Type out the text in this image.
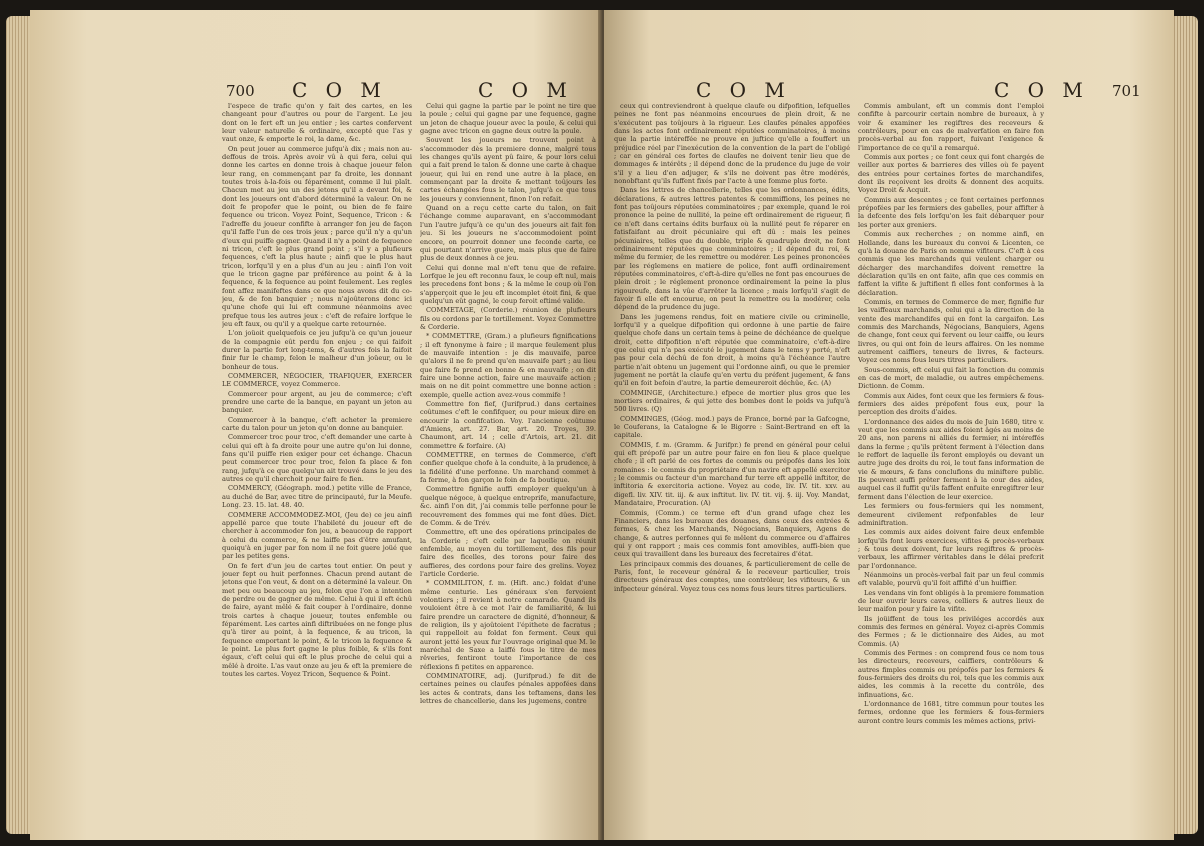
700 C O M	C O M

l'espece de trafic qu'on y fait des cartes, en les changeant pour d'autres ou pour de l'argent. Le jeu dont on le fert eft un jeu entier ; les cartes confervent leur valeur naturelle & ordinaire, excepté que l'as y vaut onze, & emporte le roi, la dame, &c.

On peut jouer au commerce jufqu'à dix ; mais non au-deffous de trois. Après avoir vû à qui fera, celui qui donne les cartes en donne trois à chaque joueur felon leur rang, en commençant par fa droite, les donnant toutes trois à-la-fois ou féparément, comme il lui plaît. Chacun met au jeu un des jetons qu'il a devant foi, & dont les joueurs ont d'abord déterminé la valeur. On ne doit fe propofer que le point, ou bien de fe faire fequence ou tricon. Voyez Point, Sequence, Tricon : & l'adreffe du joueur confifte à arranger fon jeu de façon qu'il faffe l'un de ces trois jeux ; parce qu'il n'y a qu'un d'eux qui puiffe gagner. Quand il n'y a point de fequence ni tricon, c'eft le plus grand point ; s'il y a plufieurs fequences, c'eft la plus haute ; ainfi que le plus haut tricon, lorfqu'il y en a plus d'un au jeu : ainfi l'on voit que le tricon gagne par préférence au point & à la fequence, & la fequence au point feulement. Les regles font affez manifeftes dans ce que nous avons dit du co-jeu, & de fon banquier ; nous n'ajoûterons donc ici qu'une chofe qui lui eft commune néanmoins avec prefque tous les autres jeux : c'eft de refaire lorfque le jeu eft faux, ou qu'il y a quelque carte retournée.

L'on joüoit quelquefois ce jeu jufqu'à ce qu'un joueur de la compagnie eût perdu fon enjeu ; ce qui faifoit durer la partie fort long-tems, & d'autres fois la faifoit finir fur le champ, felon le malheur d'un joüeur, ou le bonheur de tous.

COMMERCER, NÉGOCIER, TRAFIQUER, EXERCER LE COMMERCE, voyez Commerce.

Commercer pour argent, au jeu de commerce; c'eft prendre une carte de la banque, en payant un jeton au banquier.

Commercer à la banque, c'eft acheter la premiere carte du talon pour un jeton qu'on donne au banquier.

Commercer troc pour troc, c'eft demander une carte à celui qui eft à fa droite pour une autre qu'on lui donne, fans qu'il puiffe rien exiger pour cet échange. Chacun peut commercer troc pour troc, felon fa place & fon rang, jufqu'à ce que quelqu'un ait trouvé dans le jeu des autres ce qu'il cherchoit pour faire fe fien.

COMMERCY, (Géograph. mod.) petite ville de France, au duché de Bar, avec titre de principauté, fur la Meufe. Long. 23. 15. lat. 48. 40.

COMMERE ACCOMMODEZ-MOI, (Jeu de) ce jeu ainfi appellé parce que toute l'habileté du joueur eft de chercher à accommoder fon jeu, a beaucoup de rapport à celui du commerce, & ne laiffe pas d'être amufant, quoiqu'à en juger par fon nom il ne foit guere joüé que par les petites gens.

On fe fert d'un jeu de cartes tout entier. On peut y jouer fept ou huit perfonnes. Chacun prend autant de jetons que l'on veut, & dont on a déterminé la valeur. On met peu ou beaucoup au jeu, felon que l'on a intention de perdre ou de gagner de même. Celui à qui il eft échû de faire, ayant mêlé & fait couper à l'ordinaire, donne trois cartes à chaque joueur, toutes enfemble ou féparément. Les cartes ainfi diftribuées on ne fonge plus qu'à tirer au point, à la fequence, & au tricon, la fequence emportant le point, & le tricon la fequence & le point. Le plus fort gagne le plus foible, & s'ils font égaux, c'eft celui qui eft le plus proche de celui qui a mêlé à droite. L'as vaut onze au jeu & eft la premiere de toutes les cartes. Voyez Tricon, Sequence & Point.

Celui qui gagne la partie par le point ne tire que la poule ; celui qui gagne par une fequence, gagne un jeton de chaque joueur avec la poule, & celui qui gagne avec tricon en gagne deux outre la poule.

Souvent les joueurs ne trouvent point à s'accommoder dès la premiere donne, malgré tous les changes qu'ils ayent pû faire, & pour lors celui qui a fait prend le talon & donne une carte à chaque joueur, qui lui en rend une autre à la place, en commençant par la droite & mettant toûjours les cartes échangées fous le talon, jufqu'à ce que tous les joueurs y conviennent, finon l'on refait.

Quand on a reçu cette carte du talon, on fait l'échange comme auparavant, en s'accommodant l'un l'autre jufqu'à ce qu'un des joueurs ait fait fon jeu. Si les joueurs ne s'accommodoient point encore, on pourroit donner une feconde carte, ce qui pourtant n'arrive guere, mais plus que de faire plus de deux donnes à ce jeu.

Celui qui donne mal n'eft tenu que de refaire. Lorfque le jeu eft reconnu faux, le coup eft nul, mais les precedens font bons ; & la même le coup où l'on s'apperçoit que le jeu eft incomplet étoit fini, & que quelqu'un eût gagné, le coup feroit eftimé valide.

COMMETAGE, (Corderie.) réunion de plufieurs fils ou cordons par le tortillement. Voyez Commettre & Corderie.

* COMMETTRE, (Gram.) a plufieurs fignifications ; il eft fynonyme à faire ; il marque feulement plus de mauvaife intention : je dis mauvaife, parce qu'alors il ne fe prend qu'en mauvaife part ; au lieu que faire fe prend en bonne & en mauvaife ; on dit faire une bonne action, faire une mauvaife action ; mais on ne dit point commettre une bonne action : exemple, quelle action avez-vous commife !

Commettre fon fief, (Jurifprud.) dans certaines coûtumes c'eft le confifquer, ou pour mieux dire en encourir la confifcation. Voy. l'ancienne coûtume d'Amiens, art. 27. Bar, art. 20. Troyes, 39. Chaumont, art. 14 ; celle d'Artois, art. 21. dit commettre & forfaire. (A)

COMMETTRE, en termes de Commerce, c'eft confier quelque chofe à la conduite, à la prudence, à la fidélité d'une perfonne. Un marchand commet à fa ferme, à fon garçon le foin de fa boutique.

Commettre fignifie auffi employer quelqu'un à quelque négoce, à quelque entreprife, manufacture, &c. ainfi l'on dit, j'ai commis telle perfonne pour le recouvrement des fommes qui me font dûes. Dict. de Comm. & de Trév.

Commettre, eft une des opérations principales de la Corderie ; c'eft celle par laquelle on réunit enfemble, au moyen du tortillement, des fils pour faire des ficelles, des torons pour faire des auffieres, des cordons pour faire des grelins. Voyez l'article Corderie.

* COMMILITON, f. m. (Hift. anc.) foldat d'une même centurie. Les généraux s'en fervoient volontiers ; il revient à notre camarade. Quand ils vouloient être à ce mot l'air de familiarité, & lui faire prendre un caractere de dignité, d'honneur, & de religion, ils y ajoûtoient l'épithete de facratus ; qui rappelloit au foldat fon ferment. Ceux qui auront jetté les yeux fur l'ouvrage original que M. le maréchal de Saxe a laiffé fous le titre de mes rêveries, fentiront toute l'importance de ces réflexions fi petites en apparence.

COMMINATOIRE, adj. (Jurifprud.) fe dit de certaines peines ou claufes pénales appofées dans les actes & contrats, dans les teftamens, dans les lettres de chancellerie, dans les jugemens, contre

C O M	C O M 701

ceux qui contreviendront à quelque claufe ou difpofition, lefquelles peines ne font pas néanmoins encourues de plein droit, & ne s'exécutent pas toûjours à la rigueur. Les claufes pénales appofées dans les actes font ordinairement réputées comminatoires, à moins que la partie intéreffée ne prouve en juftice qu'elle a fouffert un préjudice réel par l'inexécution de la convention de la part de l'obligé ; car en général ces fortes de claufes ne doivent tenir lieu que de dommages & intérêts ; il dépend donc de la prudence du juge de voir s'il y a lieu d'en adjuger, & s'ils ne doivent pas être modérés, nonobftant qu'ils fuffent fixés par l'acte à une fomme plus forte.

Dans les lettres de chancellerie, telles que les ordonnances, édits, déclarations, & autres lettres patentes & commiffions, les peines ne font pas toûjours réputées comminatoires ; par exemple, quand le roi prononce la peine de nullité, la peine eft ordinairement de rigueur, fi ce n'eft dans certains édits burfaux où la nullité peut fe réparer en fatisfaifant au droit pécuniaire qui eft dû : mais les peines pécuniaires, telles que du double, triple & quadruple droit, ne font ordinairement réputées que comminatoires ; il dépend du roi, & même du fermier, de les remettre ou modérer. Les peines prononcées par les réglemens en matiere de police, font auffi ordinairement réputées comminatoires, c'eft-à-dire qu'elles ne font pas encourues de plein droit ; le réglement prononce ordinairement la peine la plus rigoureufe, dans la vûe d'arrêter la licence ; mais lorfqu'il s'agit de favoir fi elle eft encourue, on peut la remettre ou la modérer, cela dépend de la prudence du juge.

Dans les jugemens rendus, foit en matiere civile ou criminelle, lorfqu'il y a quelque difpofition qui ordonne à une partie de faire quelque chofe dans un certain tems à peine de déchéance de quelque droit, cette difpofition n'eft réputée que comminatoire, c'eft-à-dire que celui qui n'a pas exécuté le jugement dans le tems y porté, n'eft pas pour cela déchû de fon droit, à moins qu'à l'échéance l'autre partie n'ait obtenu un jugement qui l'ordonne ainfi, ou que le premier jugement ne portât la claufe qu'en vertu du préfent jugement, & fans qu'il en foit befoin d'autre, la partie demeureroit déchûe, &c. (A)

COMMINGE, (Architecture.) efpece de mortier plus gros que les mortiers ordinaires, & qui jette des bombes dont le poids va jufqu'à 500 livres. (Q)

COMMINGES, (Géog. mod.) pays de France, borné par la Gafcogne, le Couferans, la Catalogne & le Bigorre : Saint-Bertrand en eft la capitale.

COMMIS, f. m. (Gramm. & Jurifpr.) fe prend en général pour celui qui eft prépofé par un autre pour faire en fon lieu & place quelque chofe ; il eft parlé de ces fortes de commis ou prépofés dans les loix romaines : le commis du propriétaire d'un navire eft appellé exercitor ; le commis ou facteur d'un marchand fur terre eft appellé inftitor, de inftitoria & exercitoria actione. Voyez au code, liv. IV. tit. xxv. au digefl. liv. XIV. tit. iij. & aux inftitut. liv. IV. tit. vij. §. iij. Voy. Mandat, Mandataire, Procuration. (A)

Commis, (Comm.) ce terme eft d'un grand ufage chez les Financiers, dans les bureaux des douanes, dans ceux des entrées & fermes, & chez les Marchands, Négocians, Banquiers, Agens de change, & autres perfonnes qui fe mêlent du commerce ou d'affaires qui y ont rapport ; mais ces commis font amovibles, auffi-bien que ceux qui travaillent dans les bureaux des fecretaires d'état.

Les principaux commis des douanes, & particulierement de celle de Paris, font, le receveur général & le receveur particulier, trois directeurs généraux des comptes, une contrôleur, les vifiteurs, & un infpecteur général. Voyez tous ces noms fous leurs titres particuliers.

Commis ambulant, eft un commis dont l'emploi confifte à parcourir certain nombre de bureaux, à y voir & examiner les regiftres des receveurs & contrôleurs, pour en cas de malverfation en faire fon procès-verbal au fon rapport, fuivant l'exigence & l'importance de ce qu'il a remarqué.

Commis aux portes ; ce font ceux qui font chargés de veiller aux portes & barrieres des villes où fe payent des entrées pour certaines fortes de marchandifes, dont ils reçoivent les droits & donnent des acquits. Voyez Droit & Acquit.

Commis aux descentes ; ce font certaines perfonnes prépofées par les fermiers des gabelles, pour affifter à la defcente des fels lorfqu'on les fait débarquer pour les porter aux greniers.

Commis aux recherches ; on nomme ainfi, en Hollande, dans les bureaux du convoi & Licenten, ce qu'à la douane de Paris on nomme vifiteurs. C'eft à ces commis que les marchands qui veulent charger ou décharger des marchandifes doivent remettre la déclaration qu'ils en ont faite, afin que ces commis en faffent la vifite & juftifient fi elles font conformes à la déclaration.

Commis, en termes de Commerce de mer, fignifie fur les vaiffeaux marchands, celui qui a la direction de la vente des marchandifes qui en font la cargaifon. Les commis des Marchands, Négocians, Banquiers, Agens de change, font ceux qui fervent ou leur caiffe, ou leurs livres, ou qui ont foin de leurs affaires. On les nomme autrement caiffiers, teneurs de livres, & facteurs. Voyez ces noms fous leurs titres particuliers.

Sous-commis, eft celui qui fait la fonction du commis en cas de mort, de maladie, ou autres empêchemens. Dictionn. de Comm.

Commis aux Aides, font ceux que les fermiers & fous-fermiers des aides prépofent fous eux, pour la perception des droits d'aides.

L'ordonnance des aides du mois de Juin 1680, titre v. veut que les commis aux aides foient âgés au moins de 20 ans, non parens ni alliés du fermier, ni intéreffés dans la ferme ; qu'ils prêtent ferment à l'élection dans le reffort de laquelle ils feront employés ou devant un autre juge des droits du roi, le tout fans information de vie & mœurs, & fans conclufions du miniftere public. Ils peuvent auffi prêter ferment à la cour des aides, auquel cas il fuffit qu'ils faffent enfuite enregiftrer leur ferment dans l'élection de leur exercice.

Les fermiers ou fous-fermiers qui les nomment, demeurent civilement refponfables de leur adminiftration.

Les commis aux aides doivent faire deux enfemble lorfqu'ils font leurs exercices, vifites & procès-verbaux ; & tous deux doivent, fur leurs regiftres & procès-verbaux, les affirmer véritables dans le délai prefcrit par l'ordonnance.

Néanmoins un procès-verbal fait par un feul commis eft valable, pourvû qu'il foit affifté d'un huiffier.

Les vendans vin font obligés à la premiere fommation de leur ouvrir leurs caves, celliers & autres lieux de leur maifon pour y faire la vifite.

Ils joüiffent de tous les priviléges accordés aux commis des fermes en général. Voyez ci-après Commis des Fermes ; & le dictionnaire des Aides, au mot Commis. (A)

Commis des Fermes : on comprend fous ce nom tous les directeurs, receveurs, caiffiers, contrôleurs & autres fimples commis ou prépofés par les fermiers & fous-fermiers des droits du roi, tels que les commis aux aides, les commis à la recette du contrôle, des infinuations, &c.

L'ordonnance de 1681, titre commun pour toutes les fermes, ordonne que les fermiers & fous-fermiers auront contre leurs commis les mêmes actions, privi-
